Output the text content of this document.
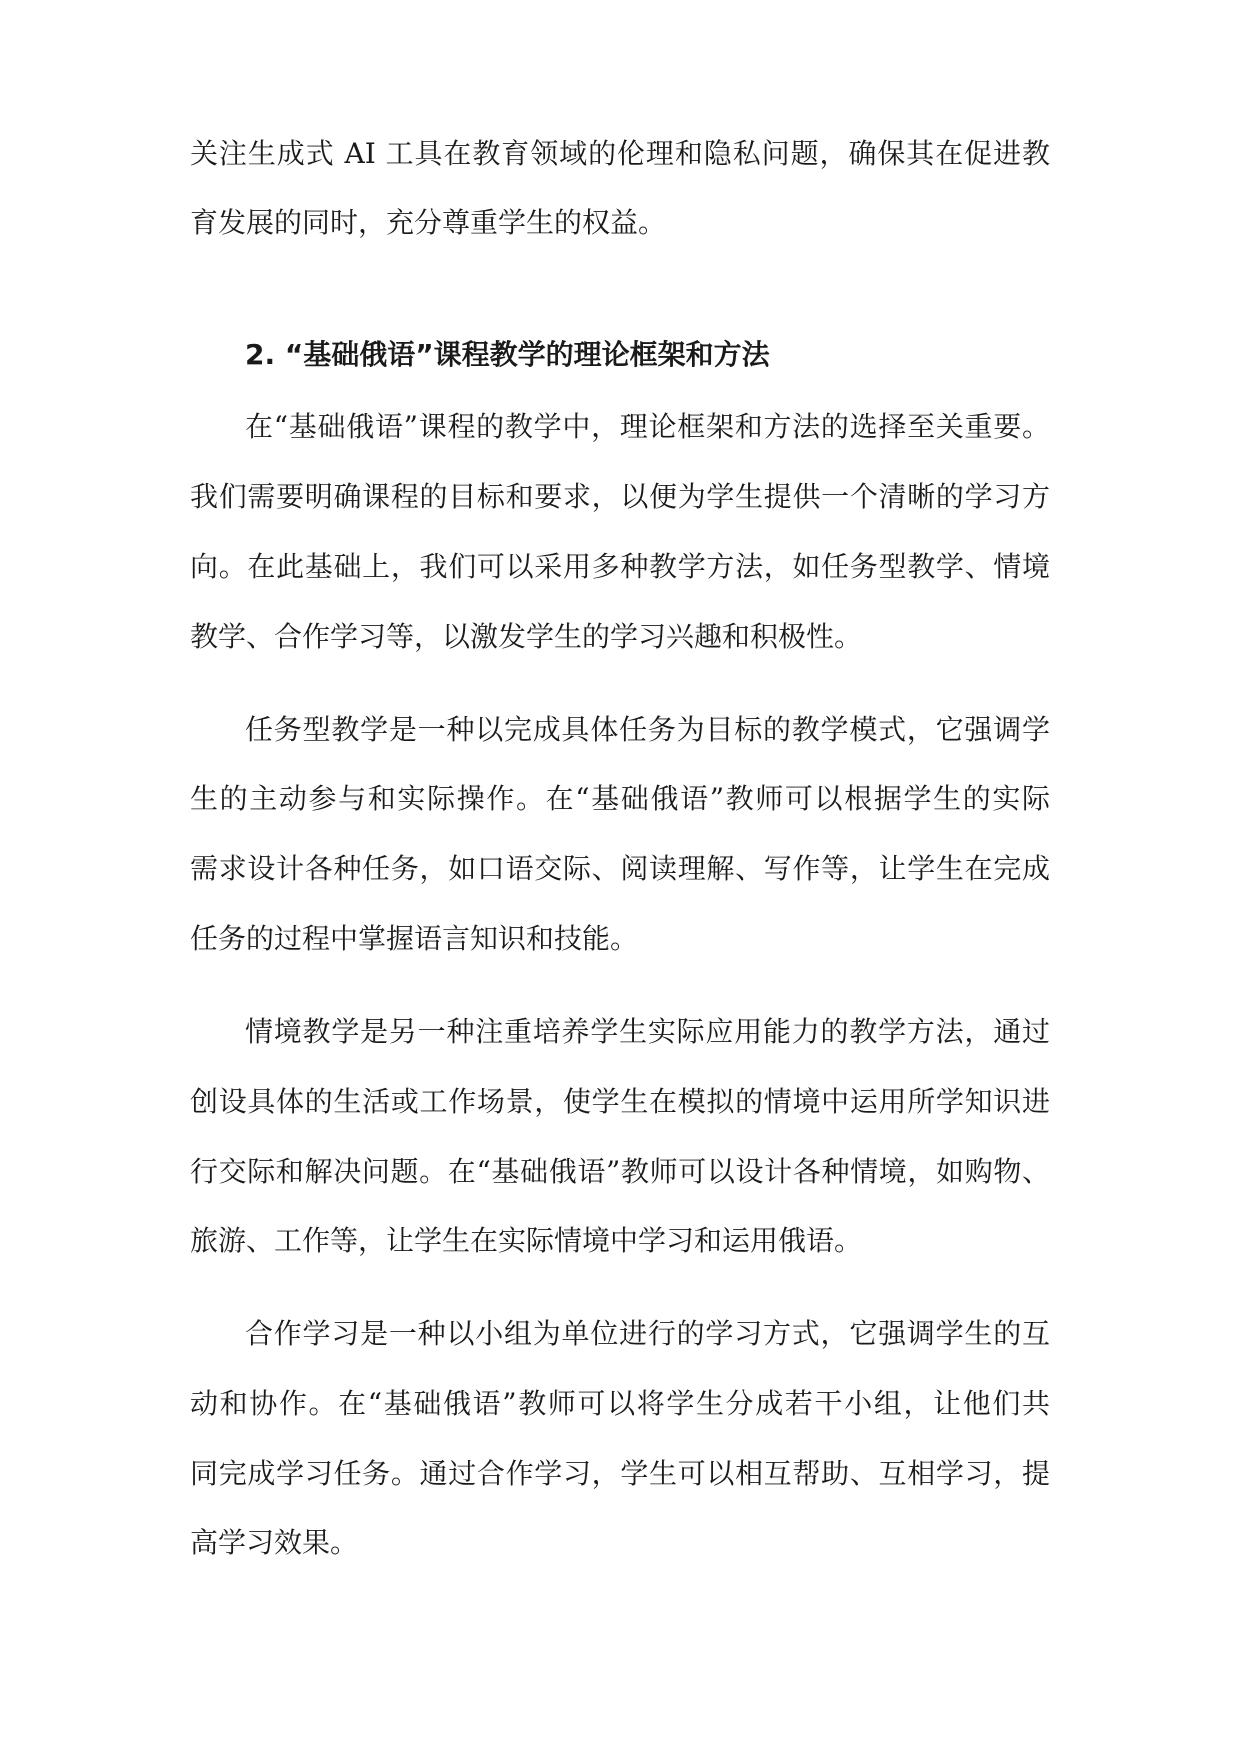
关注生成式 AI 工具在教育领域的伦理和隐私问题，确保其在促进教
育发展的同时，充分尊重学生的权益。
2. “基础俄语”课程教学的理论框架和方法
在“基础俄语”课程的教学中，理论框架和方法的选择至关重要。
我们需要明确课程的目标和要求，以便为学生提供一个清晰的学习方
向。在此基础上，我们可以采用多种教学方法，如任务型教学、情境
教学、合作学习等，以激发学生的学习兴趣和积极性。
任务型教学是一种以完成具体任务为目标的教学模式，它强调学
生的主动参与和实际操作。在“基础俄语”教师可以根据学生的实际
需求设计各种任务，如口语交际、阅读理解、写作等，让学生在完成
任务的过程中掌握语言知识和技能。
情境教学是另一种注重培养学生实际应用能力的教学方法，通过
创设具体的生活或工作场景，使学生在模拟的情境中运用所学知识进
行交际和解决问题。在“基础俄语”教师可以设计各种情境，如购物、
旅游、工作等，让学生在实际情境中学习和运用俄语。
合作学习是一种以小组为单位进行的学习方式，它强调学生的互
动和协作。在“基础俄语”教师可以将学生分成若干小组，让他们共
同完成学习任务。通过合作学习，学生可以相互帮助、互相学习，提
高学习效果。
